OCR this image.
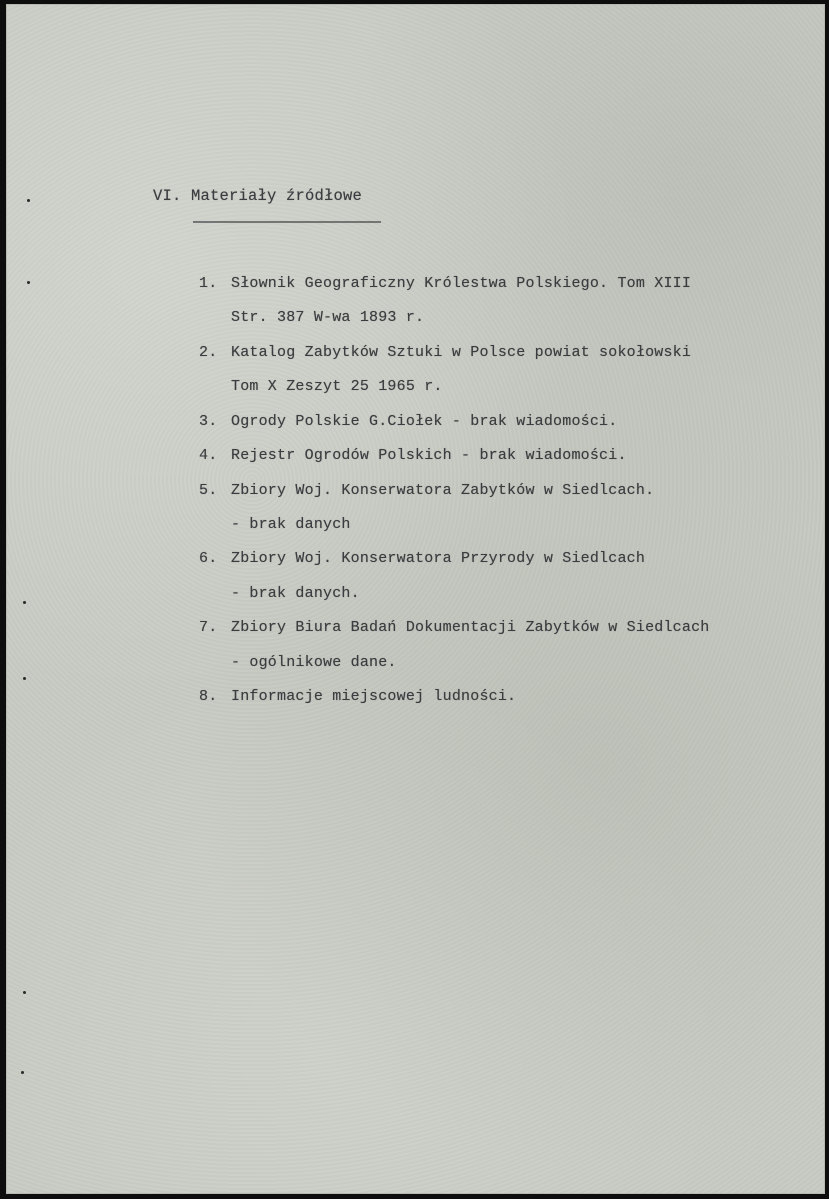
VI. Materiały źródłowe
1. Słownik Geograficzny Królestwa Polskiego. Tom XIII
Str. 387 W-wa 1893 r.
2. Katalog Zabytków Sztuki w Polsce powiat sokołowski
Tom X Zeszyt 25 1965 r.
3. Ogrody Polskie G.Ciołek - brak wiadomości.
4. Rejestr Ogrodów Polskich - brak wiadomości.
5. Zbiory Woj. Konserwatora Zabytków w Siedlcach.
- brak danych
6. Zbiory Woj. Konserwatora Przyrody w Siedlcach
- brak danych.
7. Zbiory Biura Badań Dokumentacji Zabytków w Siedlcach
- ogólnikowe dane.
8. Informacje miejscowej ludności.
